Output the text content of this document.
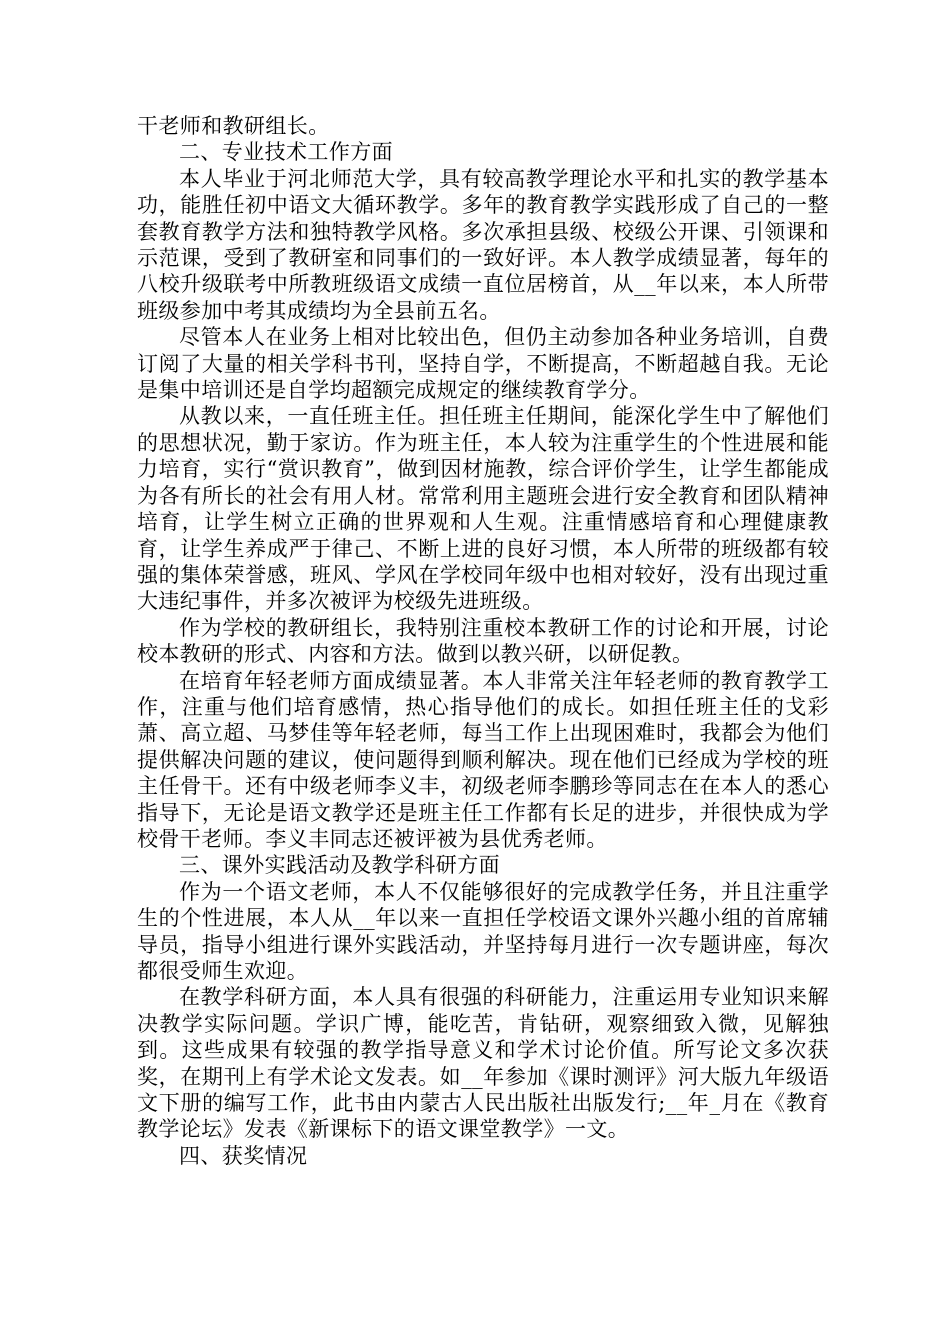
干老师和教研组长。

二、专业技术工作方面

本人毕业于河北师范大学，具有较高教学理论水平和扎实的教学基本功，能胜任初中语文大循环教学。多年的教育教学实践形成了自己的一整套教育教学方法和独特教学风格。多次承担县级、校级公开课、引领课和示范课，受到了教研室和同事们的一致好评。本人教学成绩显著，每年的八校升级联考中所教班级语文成绩一直位居榜首，从__年以来，本人所带班级参加中考其成绩均为全县前五名。

尽管本人在业务上相对比较出色，但仍主动参加各种业务培训，自费订阅了大量的相关学科书刊，坚持自学，不断提高，不断超越自我。无论是集中培训还是自学均超额完成规定的继续教育学分。

从教以来，一直任班主任。担任班主任期间，能深化学生中了解他们的思想状况，勤于家访。作为班主任，本人较为注重学生的个性进展和能力培育，实行“赏识教育”，做到因材施教，综合评价学生，让学生都能成为各有所长的社会有用人材。常常利用主题班会进行安全教育和团队精神培育，让学生树立正确的世界观和人生观。注重情感培育和心理健康教育，让学生养成严于律己、不断上进的良好习惯，本人所带的班级都有较强的集体荣誉感，班风、学风在学校同年级中也相对较好，没有出现过重大违纪事件，并多次被评为校级先进班级。

作为学校的教研组长，我特别注重校本教研工作的讨论和开展，讨论校本教研的形式、内容和方法。做到以教兴研，以研促教。

在培育年轻老师方面成绩显著。本人非常关注年轻老师的教育教学工作，注重与他们培育感情，热心指导他们的成长。如担任班主任的戈彩萧、高立超、马梦佳等年轻老师，每当工作上出现困难时，我都会为他们提供解决问题的建议，使问题得到顺利解决。现在他们已经成为学校的班主任骨干。还有中级老师李义丰，初级老师李鹏珍等同志在在本人的悉心指导下，无论是语文教学还是班主任工作都有长足的进步，并很快成为学校骨干老师。李义丰同志还被评被为县优秀老师。

三、课外实践活动及教学科研方面

作为一个语文老师，本人不仅能够很好的完成教学任务，并且注重学生的个性进展，本人从__年以来一直担任学校语文课外兴趣小组的首席辅导员，指导小组进行课外实践活动，并坚持每月进行一次专题讲座，每次都很受师生欢迎。

在教学科研方面，本人具有很强的科研能力，注重运用专业知识来解决教学实际问题。学识广博，能吃苦，肯钻研，观察细致入微，见解独到。这些成果有较强的教学指导意义和学术讨论价值。所写论文多次获奖，在期刊上有学术论文发表。如__年参加《课时测评》河大版九年级语文下册的编写工作，此书由内蒙古人民出版社出版发行;__年_月在《教育教学论坛》发表《新课标下的语文课堂教学》一文。

四、获奖情况
